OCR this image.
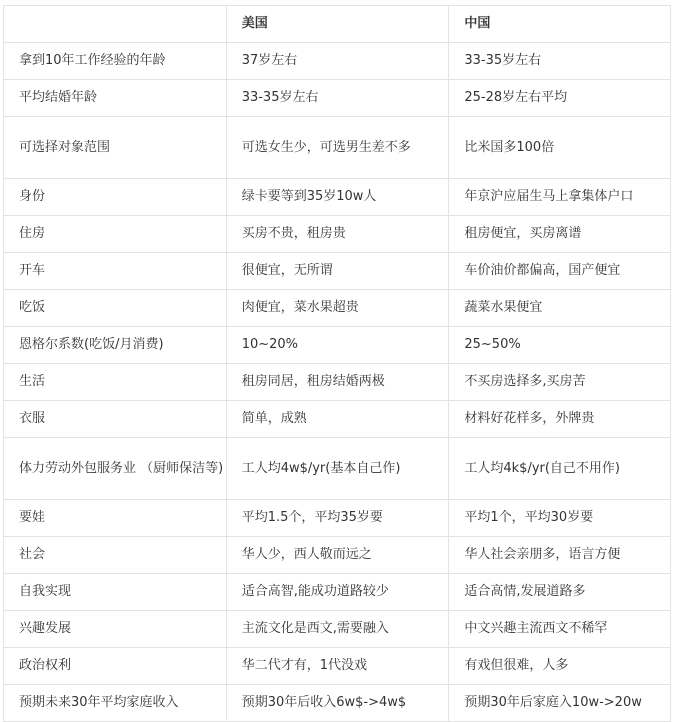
	美国	中国
拿到10年工作经验的年龄	37岁左右	33-35岁左右
平均结婚年龄	33-35岁左右	25-28岁左右平均
可选择对象范围	可选女生少，可选男生差不多	比米国多100倍
身份	绿卡要等到35岁10w人	年京沪应届生马上拿集体户口
住房	买房不贵，租房贵	租房便宜，买房离谱
开车	很便宜，无所谓	车价油价都偏高，国产便宜
吃饭	肉便宜，菜水果超贵	蔬菜水果便宜
恩格尔系数(吃饭/月消费)	10~20%	25~50%
生活	租房同居，租房结婚两极	不买房选择多,买房苦
衣服	简单，成熟	材料好花样多，外牌贵
体力劳动外包服务业 （厨师保洁等)	工人均4w$/yr(基本自己作)	工人均4k$/yr(自己不用作)
要娃	平均1.5个，平均35岁要	平均1个，平均30岁要
社会	华人少，西人敬而远之	华人社会亲朋多，语言方便
自我实现	适合高智,能成功道路较少	适合高情,发展道路多
兴趣发展	主流文化是西文,需要融入	中文兴趣主流西文不稀罕
政治权利	华二代才有，1代没戏	有戏但很难，人多
预期未来30年平均家庭收入	预期30年后收入6w$->4w$	预期30年后家庭入10w->20w
